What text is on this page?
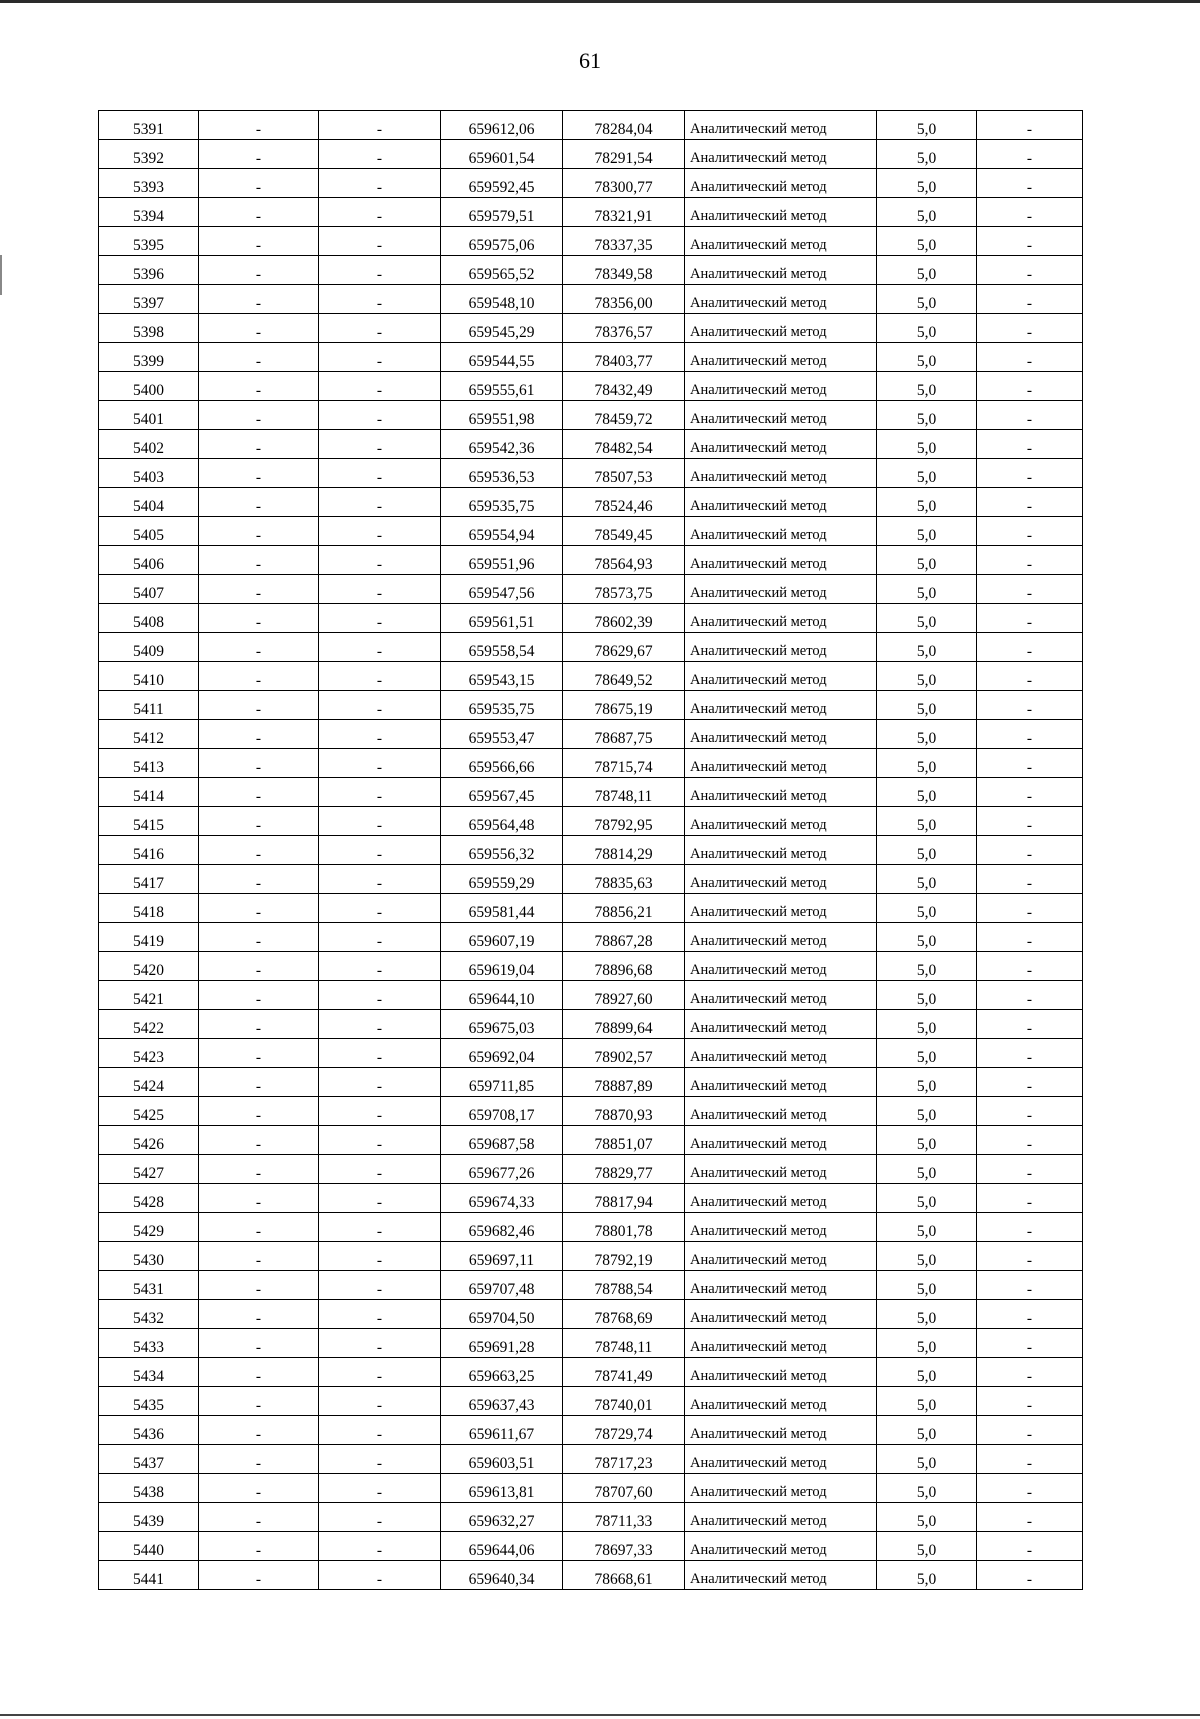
61
5391	-	-	659612,06	78284,04	Аналитический метод	5,0	-
5392	-	-	659601,54	78291,54	Аналитический метод	5,0	-
5393	-	-	659592,45	78300,77	Аналитический метод	5,0	-
5394	-	-	659579,51	78321,91	Аналитический метод	5,0	-
5395	-	-	659575,06	78337,35	Аналитический метод	5,0	-
5396	-	-	659565,52	78349,58	Аналитический метод	5,0	-
5397	-	-	659548,10	78356,00	Аналитический метод	5,0	-
5398	-	-	659545,29	78376,57	Аналитический метод	5,0	-
5399	-	-	659544,55	78403,77	Аналитический метод	5,0	-
5400	-	-	659555,61	78432,49	Аналитический метод	5,0	-
5401	-	-	659551,98	78459,72	Аналитический метод	5,0	-
5402	-	-	659542,36	78482,54	Аналитический метод	5,0	-
5403	-	-	659536,53	78507,53	Аналитический метод	5,0	-
5404	-	-	659535,75	78524,46	Аналитический метод	5,0	-
5405	-	-	659554,94	78549,45	Аналитический метод	5,0	-
5406	-	-	659551,96	78564,93	Аналитический метод	5,0	-
5407	-	-	659547,56	78573,75	Аналитический метод	5,0	-
5408	-	-	659561,51	78602,39	Аналитический метод	5,0	-
5409	-	-	659558,54	78629,67	Аналитический метод	5,0	-
5410	-	-	659543,15	78649,52	Аналитический метод	5,0	-
5411	-	-	659535,75	78675,19	Аналитический метод	5,0	-
5412	-	-	659553,47	78687,75	Аналитический метод	5,0	-
5413	-	-	659566,66	78715,74	Аналитический метод	5,0	-
5414	-	-	659567,45	78748,11	Аналитический метод	5,0	-
5415	-	-	659564,48	78792,95	Аналитический метод	5,0	-
5416	-	-	659556,32	78814,29	Аналитический метод	5,0	-
5417	-	-	659559,29	78835,63	Аналитический метод	5,0	-
5418	-	-	659581,44	78856,21	Аналитический метод	5,0	-
5419	-	-	659607,19	78867,28	Аналитический метод	5,0	-
5420	-	-	659619,04	78896,68	Аналитический метод	5,0	-
5421	-	-	659644,10	78927,60	Аналитический метод	5,0	-
5422	-	-	659675,03	78899,64	Аналитический метод	5,0	-
5423	-	-	659692,04	78902,57	Аналитический метод	5,0	-
5424	-	-	659711,85	78887,89	Аналитический метод	5,0	-
5425	-	-	659708,17	78870,93	Аналитический метод	5,0	-
5426	-	-	659687,58	78851,07	Аналитический метод	5,0	-
5427	-	-	659677,26	78829,77	Аналитический метод	5,0	-
5428	-	-	659674,33	78817,94	Аналитический метод	5,0	-
5429	-	-	659682,46	78801,78	Аналитический метод	5,0	-
5430	-	-	659697,11	78792,19	Аналитический метод	5,0	-
5431	-	-	659707,48	78788,54	Аналитический метод	5,0	-
5432	-	-	659704,50	78768,69	Аналитический метод	5,0	-
5433	-	-	659691,28	78748,11	Аналитический метод	5,0	-
5434	-	-	659663,25	78741,49	Аналитический метод	5,0	-
5435	-	-	659637,43	78740,01	Аналитический метод	5,0	-
5436	-	-	659611,67	78729,74	Аналитический метод	5,0	-
5437	-	-	659603,51	78717,23	Аналитический метод	5,0	-
5438	-	-	659613,81	78707,60	Аналитический метод	5,0	-
5439	-	-	659632,27	78711,33	Аналитический метод	5,0	-
5440	-	-	659644,06	78697,33	Аналитический метод	5,0	-
5441	-	-	659640,34	78668,61	Аналитический метод	5,0	-
